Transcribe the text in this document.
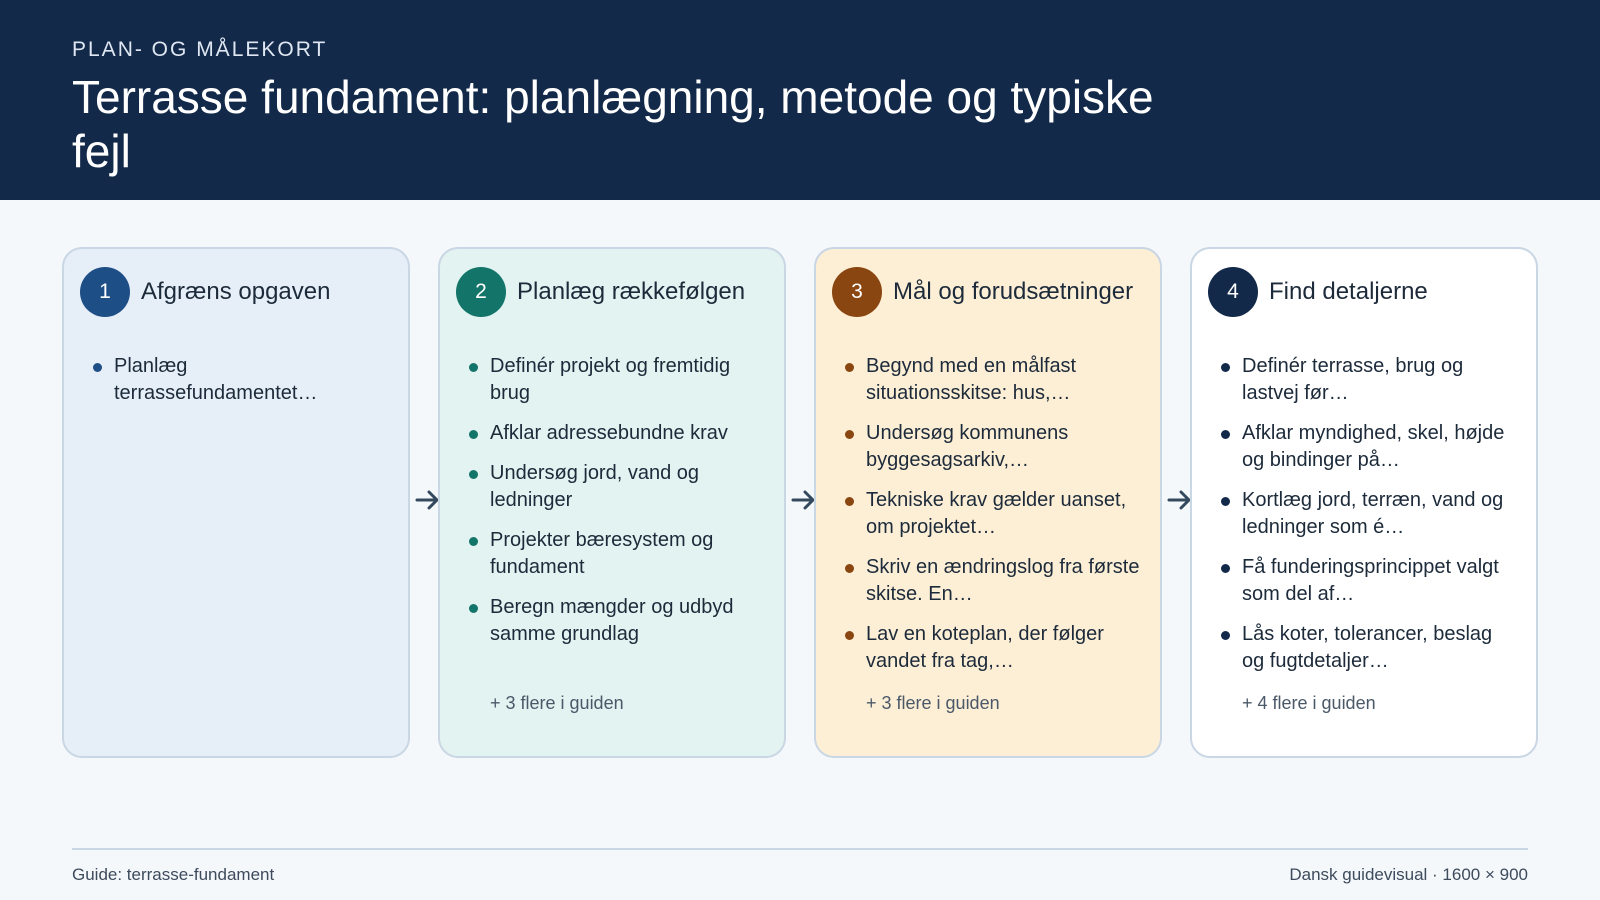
PLAN- OG MÅLEKORT
Terrasse fundament: planlægning, metode og typiske fejl
1	Afgræns opgaven
Planlæg terrassefundamentet…
2	Planlæg rækkefølgen
Definér projekt og fremtidig brug
Afklar adressebundne krav
Undersøg jord, vand og ledninger
Projekter bæresystem og fundament
Beregn mængder og udbyd samme grundlag
+ 3 flere i guiden
3	Mål og forudsætninger
Begynd med en målfast situationsskitse: hus,…
Undersøg kommunens byggesagsarkiv,…
Tekniske krav gælder uanset, om projektet…
Skriv en ændringslog fra første skitse. En…
Lav en koteplan, der følger vandet fra tag,…
+ 3 flere i guiden
4	Find detaljerne
Definér terrasse, brug og lastvej før…
Afklar myndighed, skel, højde og bindinger på…
Kortlæg jord, terræn, vand og ledninger som é…
Få funderingsprincippet valgt som del af…
Lås koter, tolerancer, beslag og fugtdetaljer…
+ 4 flere i guiden
Guide: terrasse-fundament	Dansk guidevisual · 1600 × 900
